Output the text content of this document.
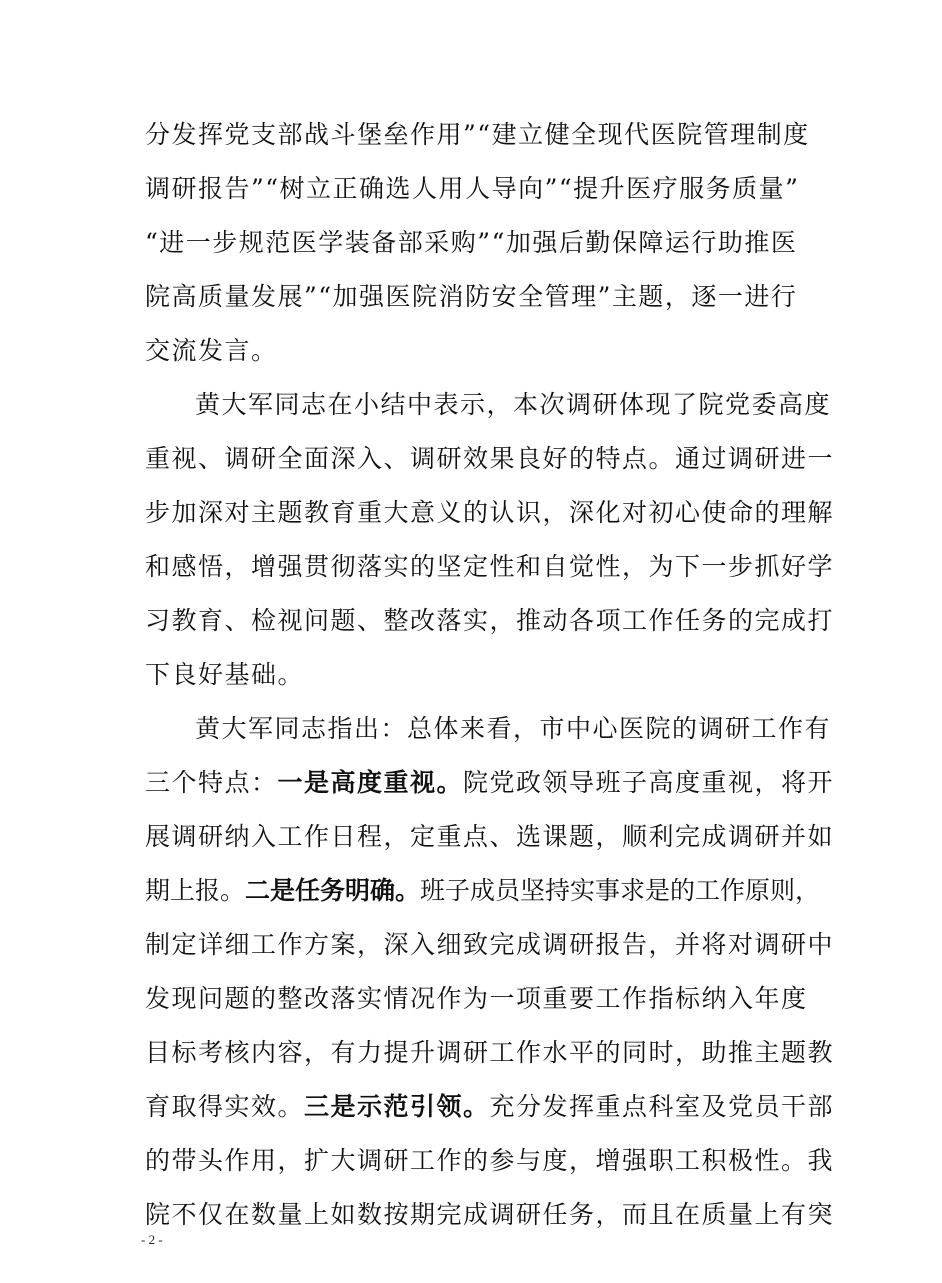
分发挥党支部战斗堡垒作用”“建立健全现代医院管理制度
调研报告”“树立正确选人用人导向”“提升医疗服务质量”
“进一步规范医学装备部采购”“加强后勤保障运行助推医
院高质量发展”“加强医院消防安全管理”主题，逐一进行
交流发言。
黄大军同志在小结中表示，本次调研体现了院党委高度
重视、调研全面深入、调研效果良好的特点。通过调研进一
步加深对主题教育重大意义的认识，深化对初心使命的理解
和感悟，增强贯彻落实的坚定性和自觉性，为下一步抓好学
习教育、检视问题、整改落实，推动各项工作任务的完成打
下良好基础。
黄大军同志指出：总体来看，市中心医院的调研工作有
三个特点：一是高度重视。院党政领导班子高度重视，将开
展调研纳入工作日程，定重点、选课题，顺利完成调研并如
期上报。二是任务明确。班子成员坚持实事求是的工作原则，
制定详细工作方案，深入细致完成调研报告，并将对调研中
发现问题的整改落实情况作为一项重要工作指标纳入年度
目标考核内容，有力提升调研工作水平的同时，助推主题教
育取得实效。三是示范引领。充分发挥重点科室及党员干部
的带头作用，扩大调研工作的参与度，增强职工积极性。我
院不仅在数量上如数按期完成调研任务，而且在质量上有突
- 2 -
